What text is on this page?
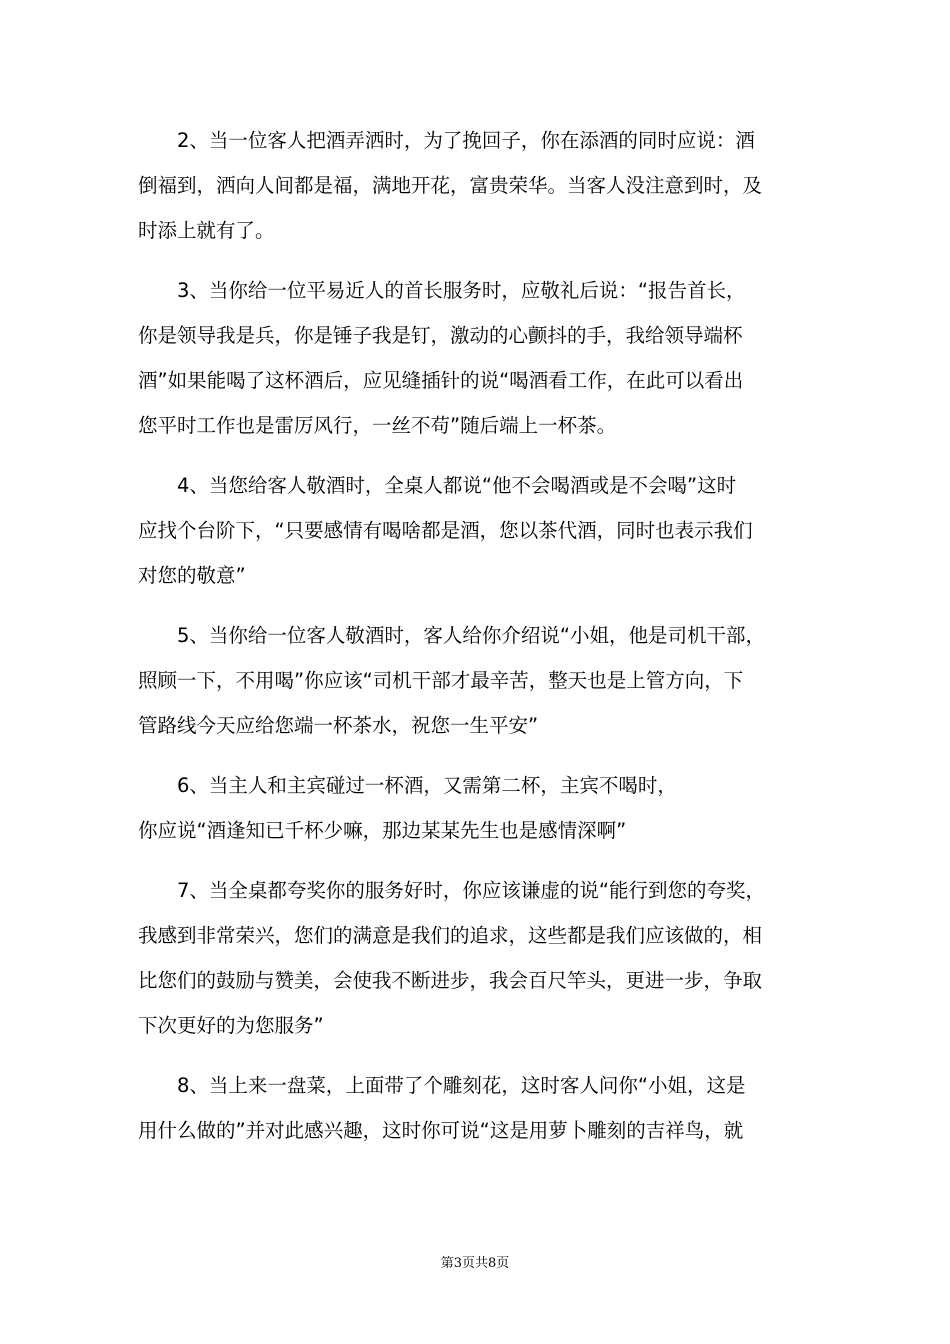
2、当一位客人把酒弄洒时，为了挽回子，你在添酒的同时应说：酒
倒福到，洒向人间都是福，满地开花，富贵荣华。当客人没注意到时，及
时添上就有了。

3、当你给一位平易近人的首长服务时，应敬礼后说：“报告首长，
你是领导我是兵，你是锤子我是钉，激动的心颤抖的手，我给领导端杯
酒”如果能喝了这杯酒后，应见缝插针的说“喝酒看工作，在此可以看出
您平时工作也是雷厉风行，一丝不苟”随后端上一杯茶。

4、当您给客人敬酒时，全桌人都说“他不会喝酒或是不会喝”这时
应找个台阶下，“只要感情有喝啥都是酒，您以茶代酒，同时也表示我们
对您的敬意”

5、当你给一位客人敬酒时，客人给你介绍说“小姐，他是司机干部，
照顾一下，不用喝”你应该“司机干部才最辛苦，整天也是上管方向，下
管路线今天应给您端一杯茶水，祝您一生平安”

6、当主人和主宾碰过一杯酒，又需第二杯，主宾不喝时，
你应说“酒逢知已千杯少嘛，那边某某先生也是感情深啊”

7、当全桌都夸奖你的服务好时，你应该谦虚的说“能行到您的夸奖，
我感到非常荣兴，您们的满意是我们的追求，这些都是我们应该做的，相
比您们的鼓励与赞美，会使我不断进步，我会百尺竿头，更进一步，争取
下次更好的为您服务”

8、当上来一盘菜，上面带了个雕刻花，这时客人问你“小姐，这是
用什么做的”并对此感兴趣，这时你可说“这是用萝卜雕刻的吉祥鸟，就

第3页共8页
